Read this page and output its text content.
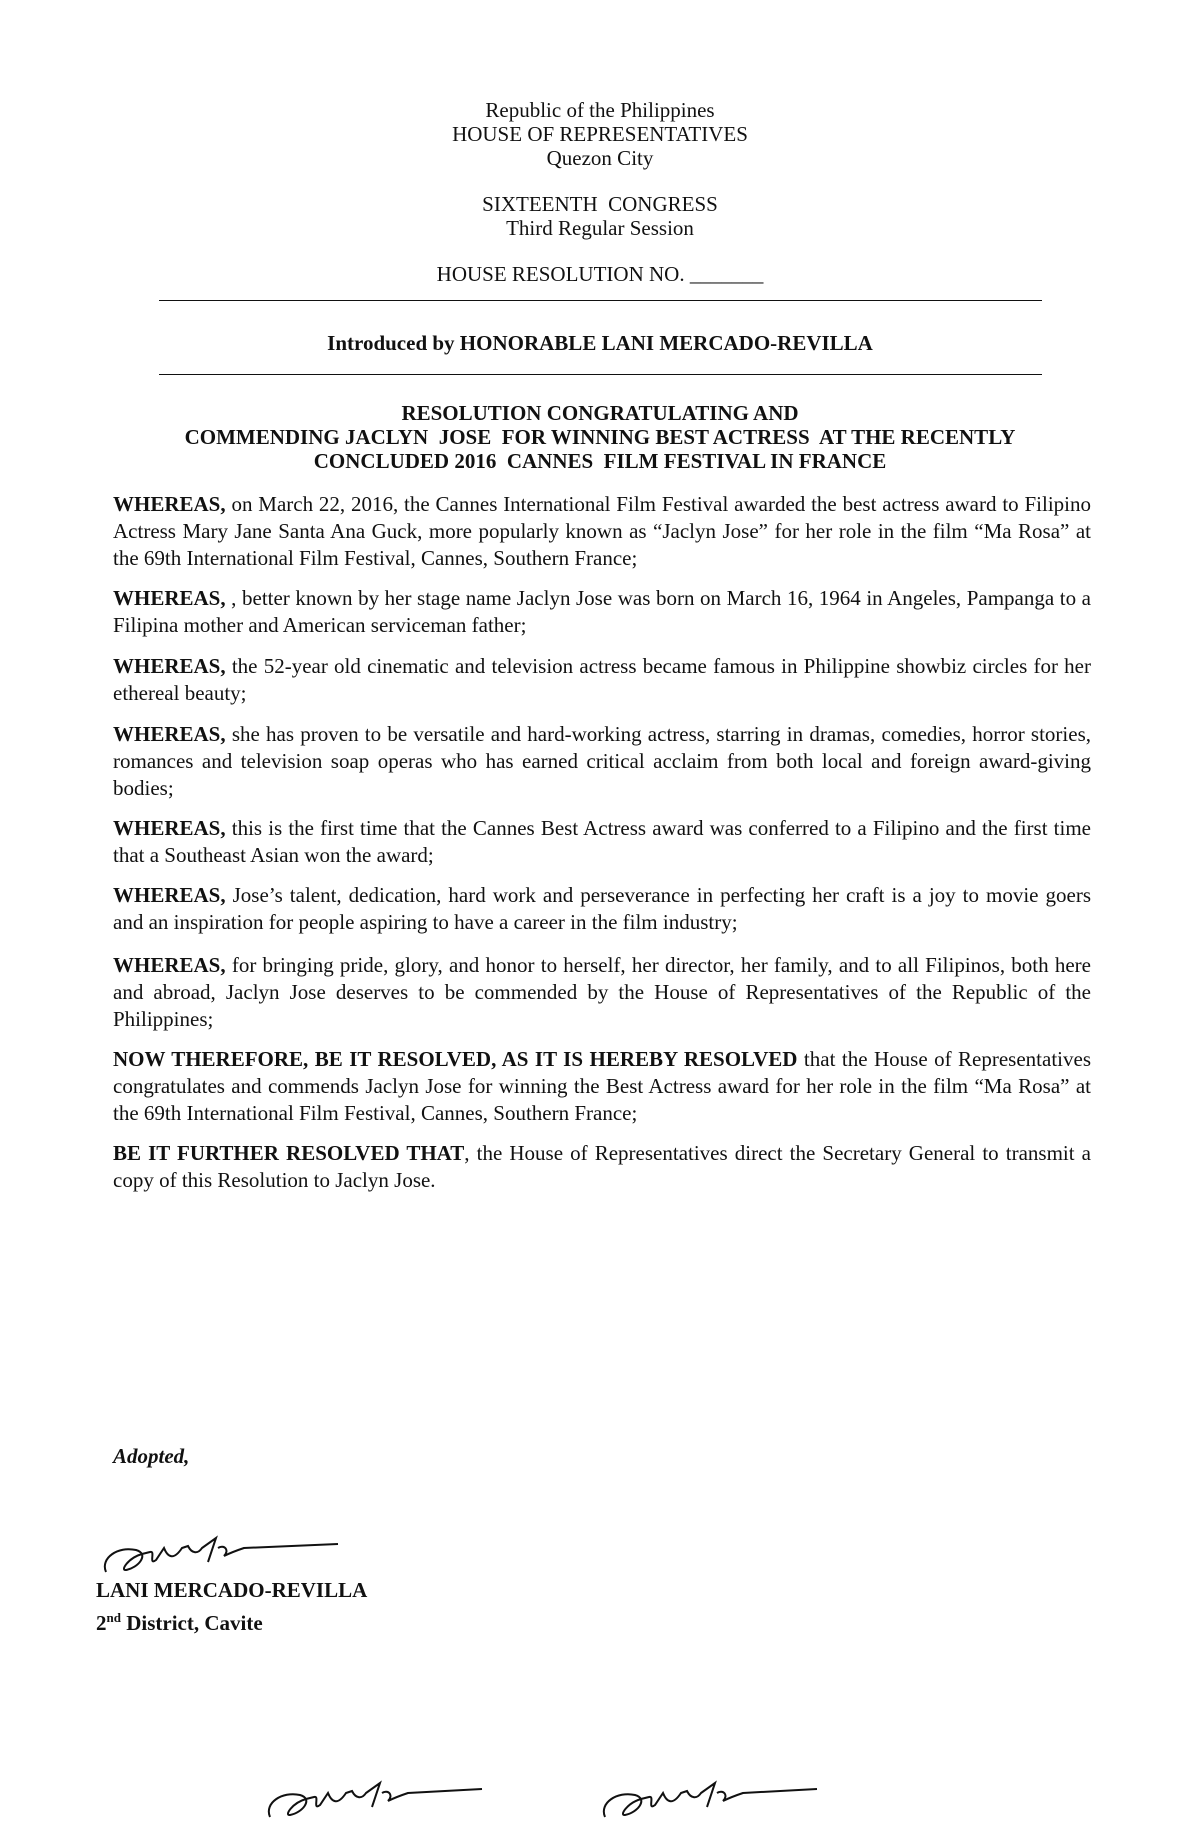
Republic of the Philippines
HOUSE OF REPRESENTATIVES
Quezon City
SIXTEENTH  CONGRESS
Third Regular Session
HOUSE RESOLUTION NO. _______
Introduced by HONORABLE LANI MERCADO-REVILLA
RESOLUTION CONGRATULATING AND
COMMENDING JACLYN  JOSE  FOR WINNING BEST ACTRESS  AT THE RECENTLY
CONCLUDED 2016  CANNES  FILM FESTIVAL IN FRANCE
WHEREAS, on March 22, 2016, the Cannes International Film Festival awarded the best actress award to Filipino Actress Mary Jane Santa Ana Guck, more popularly known as “Jaclyn Jose” for her role in the film “Ma Rosa” at the 69th International Film Festival, Cannes, Southern France;
WHEREAS, , better known by her stage name Jaclyn Jose was born on March 16, 1964 in Angeles, Pampanga to a Filipina mother and American serviceman father;
WHEREAS, the 52-year old cinematic and television actress became famous in Philippine showbiz circles for her ethereal beauty;
WHEREAS, she has proven to be versatile and hard-working actress, starring in dramas, comedies, horror stories, romances and television soap operas who has earned critical acclaim from both local and foreign award-giving bodies;
WHEREAS, this is the first time that the Cannes Best Actress award was conferred to a Filipino and the first time that a Southeast Asian won the award;
WHEREAS, Jose’s talent, dedication, hard work and perseverance in perfecting her craft is a joy to movie goers and an inspiration for people aspiring to have a career in the film industry;
WHEREAS, for bringing pride, glory, and honor to herself, her director, her family, and to all Filipinos, both here and abroad, Jaclyn Jose deserves to be commended by the House of Representatives of the Republic of the Philippines;
NOW THEREFORE, BE IT RESOLVED, AS IT IS HEREBY RESOLVED that the House of Representatives congratulates and commends Jaclyn Jose for winning the Best Actress award for her role in the film “Ma Rosa” at the 69th International Film Festival, Cannes, Southern France;
BE IT FURTHER RESOLVED THAT, the House of Representatives direct the Secretary General to transmit a copy of this Resolution to Jaclyn Jose.
Adopted,
LANI MERCADO-REVILLA
2nd District, Cavite
